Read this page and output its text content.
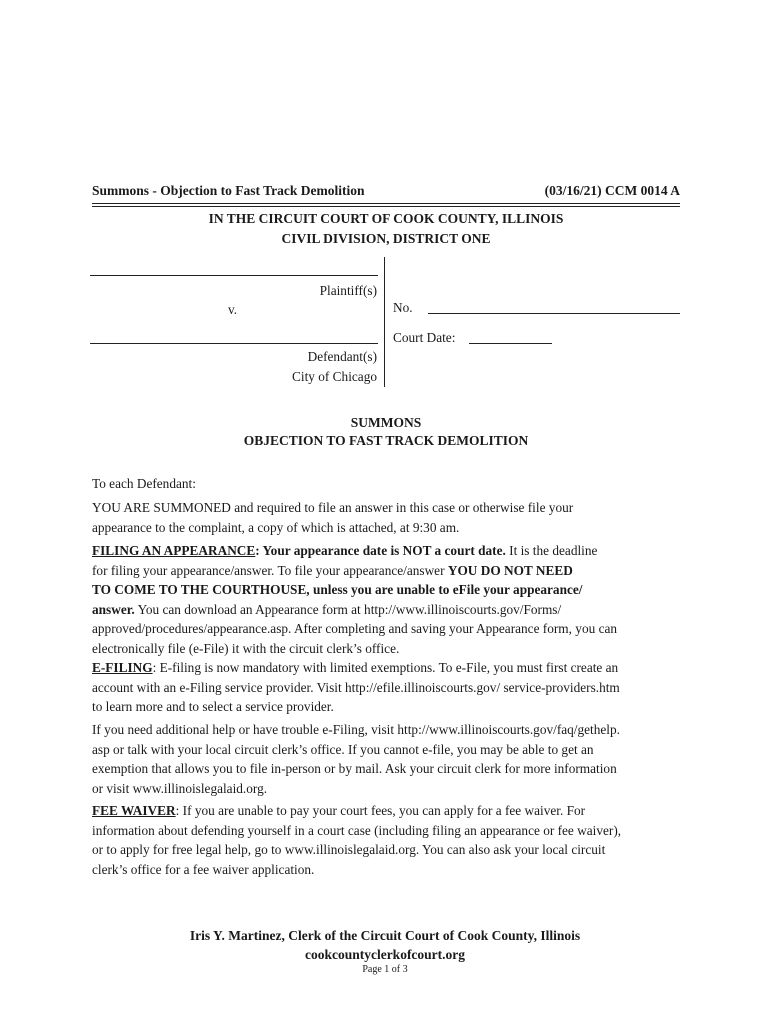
Summons - Objection to Fast Track Demolition	(03/16/21) CCM 0014 A
IN THE CIRCUIT COURT OF COOK COUNTY, ILLINOIS
CIVIL DIVISION, DISTRICT ONE
Plaintiff(s)
v.
Defendant(s)
City of Chicago
No.
Court Date:
SUMMONS
OBJECTION TO FAST TRACK DEMOLITION

To each Defendant:

YOU ARE SUMMONED and required to file an answer in this case or otherwise file your

appearance to the complaint, a copy of which is attached, at 9:30 am.

FILING AN APPEARANCE: Your appearance date is NOT a court date. It is the deadline

for filing your appearance/answer. To file your appearance/answer YOU DO NOT NEED

TO COME TO THE COURTHOUSE, unless you are unable to eFile your appearance/

answer. You can download an Appearance form at http://www.illinoiscourts.gov/Forms/

approved/procedures/appearance.asp. After completing and saving your Appearance form, you can

electronically file (e-File) it with the circuit clerk’s office.

E-FILING: E-filing is now mandatory with limited exemptions. To e-File, you must first create an

account with an e-Filing service provider. Visit http://efile.illinoiscourts.gov/ service-providers.htm

to learn more and to select a service provider.

If you need additional help or have trouble e-Filing, visit http://www.illinoiscourts.gov/faq/gethelp.

asp or talk with your local circuit clerk’s office. If you cannot e-file, you may be able to get an

exemption that allows you to file in-person or by mail. Ask your circuit clerk for more information

or visit www.illinoislegalaid.org.

FEE WAIVER: If you are unable to pay your court fees, you can apply for a fee waiver. For

information about defending yourself in a court case (including filing an appearance or fee waiver),

or to apply for free legal help, go to www.illinoislegalaid.org. You can also ask your local circuit

clerk’s office for a fee waiver application.

Iris Y. Martinez, Clerk of the Circuit Court of Cook County, Illinois
cookcountyclerkofcourt.org
Page 1 of 3
